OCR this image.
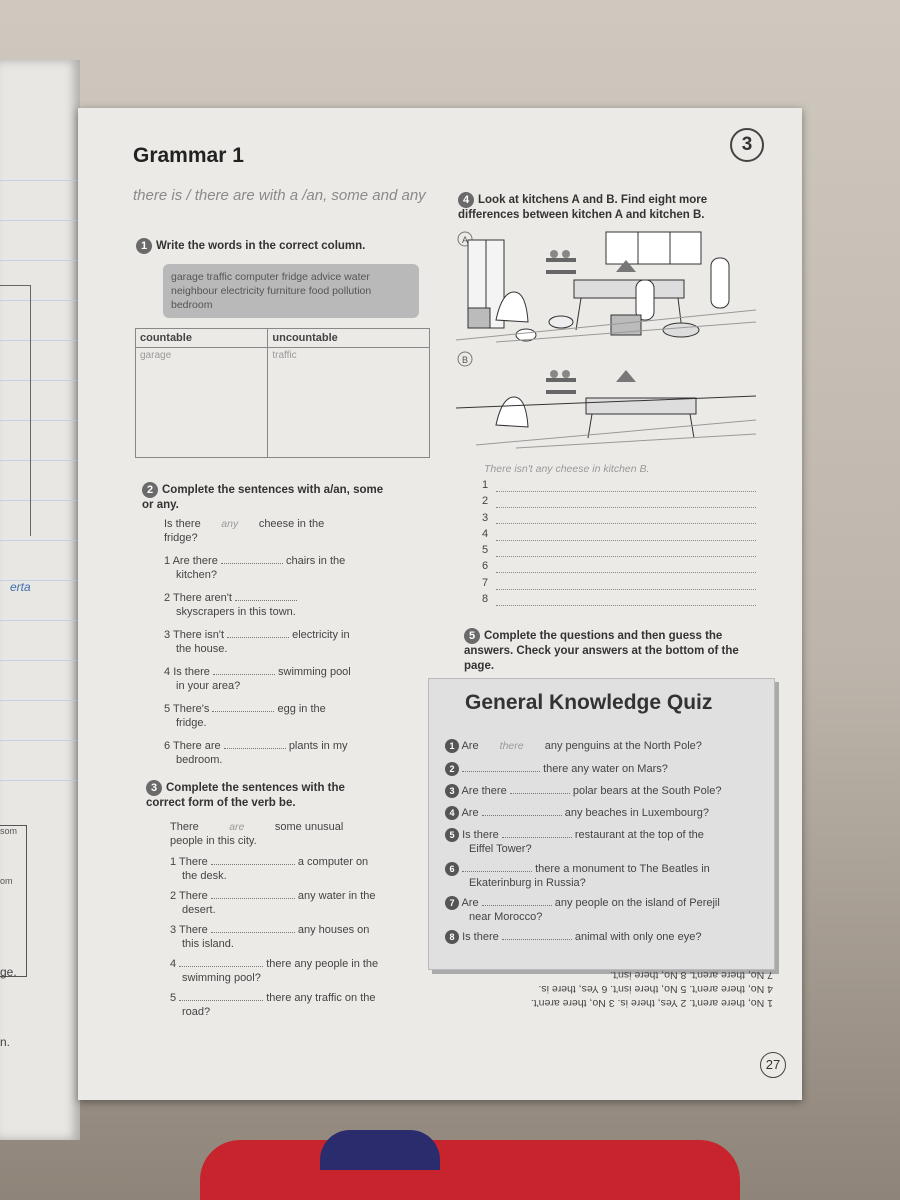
erta
som
om
ge.
n.
Grammar 1	3
there is / there are with a /an, some and any
1 Write the words in the correct column.
garage traffic computer fridge advice water neighbour electricity furniture food pollution bedroom
countable	uncountable
garage	traffic
2 Complete the sentences with a/an, some or any.
Is there any cheese in the
fridge?
1 Are there	chairs in the
kitchen?
2 There aren't
skyscrapers in this town.
3 There isn't	electricity in
the house.
4 Is there	swimming pool
in your area?
5 There's	egg in the
fridge.
6 There are	plants in my
bedroom.
3 Complete the sentences with the correct form of the verb be.
There	are	some unusual
people in this city.
1 There	a computer on
the desk.
2 There	any water in the
desert.
3 There	any houses on
this island.
4	there any people in the
swimming pool?
5	there any traffic on the
road?
4 Look at kitchens A and B. Find eight more differences between kitchen A and kitchen B.
A
B
There isn't any cheese in kitchen B.
1
2
3
4
5
6
7
8
5 Complete the questions and then guess the answers. Check your answers at the bottom of the page.
General Knowledge Quiz
1 Are there any penguins at the North Pole?
2	there any water on Mars?
3 Are there	polar bears at the South Pole?
4 Are	any beaches in Luxembourg?
5 Is there	restaurant at the top of the
Eiffel Tower?
6	there a monument to The Beatles in
Ekaterinburg in Russia?
7 Are	any people on the island of Perejil
near Morocco?
8 Is there	animal with only one eye?
1 No, there aren't. 2 Yes, there is. 3 No, there aren't.
4 No, there aren't. 5 No, there isn't. 6 Yes, there is.
7 No, there aren't. 8 No, there isn't.
27
